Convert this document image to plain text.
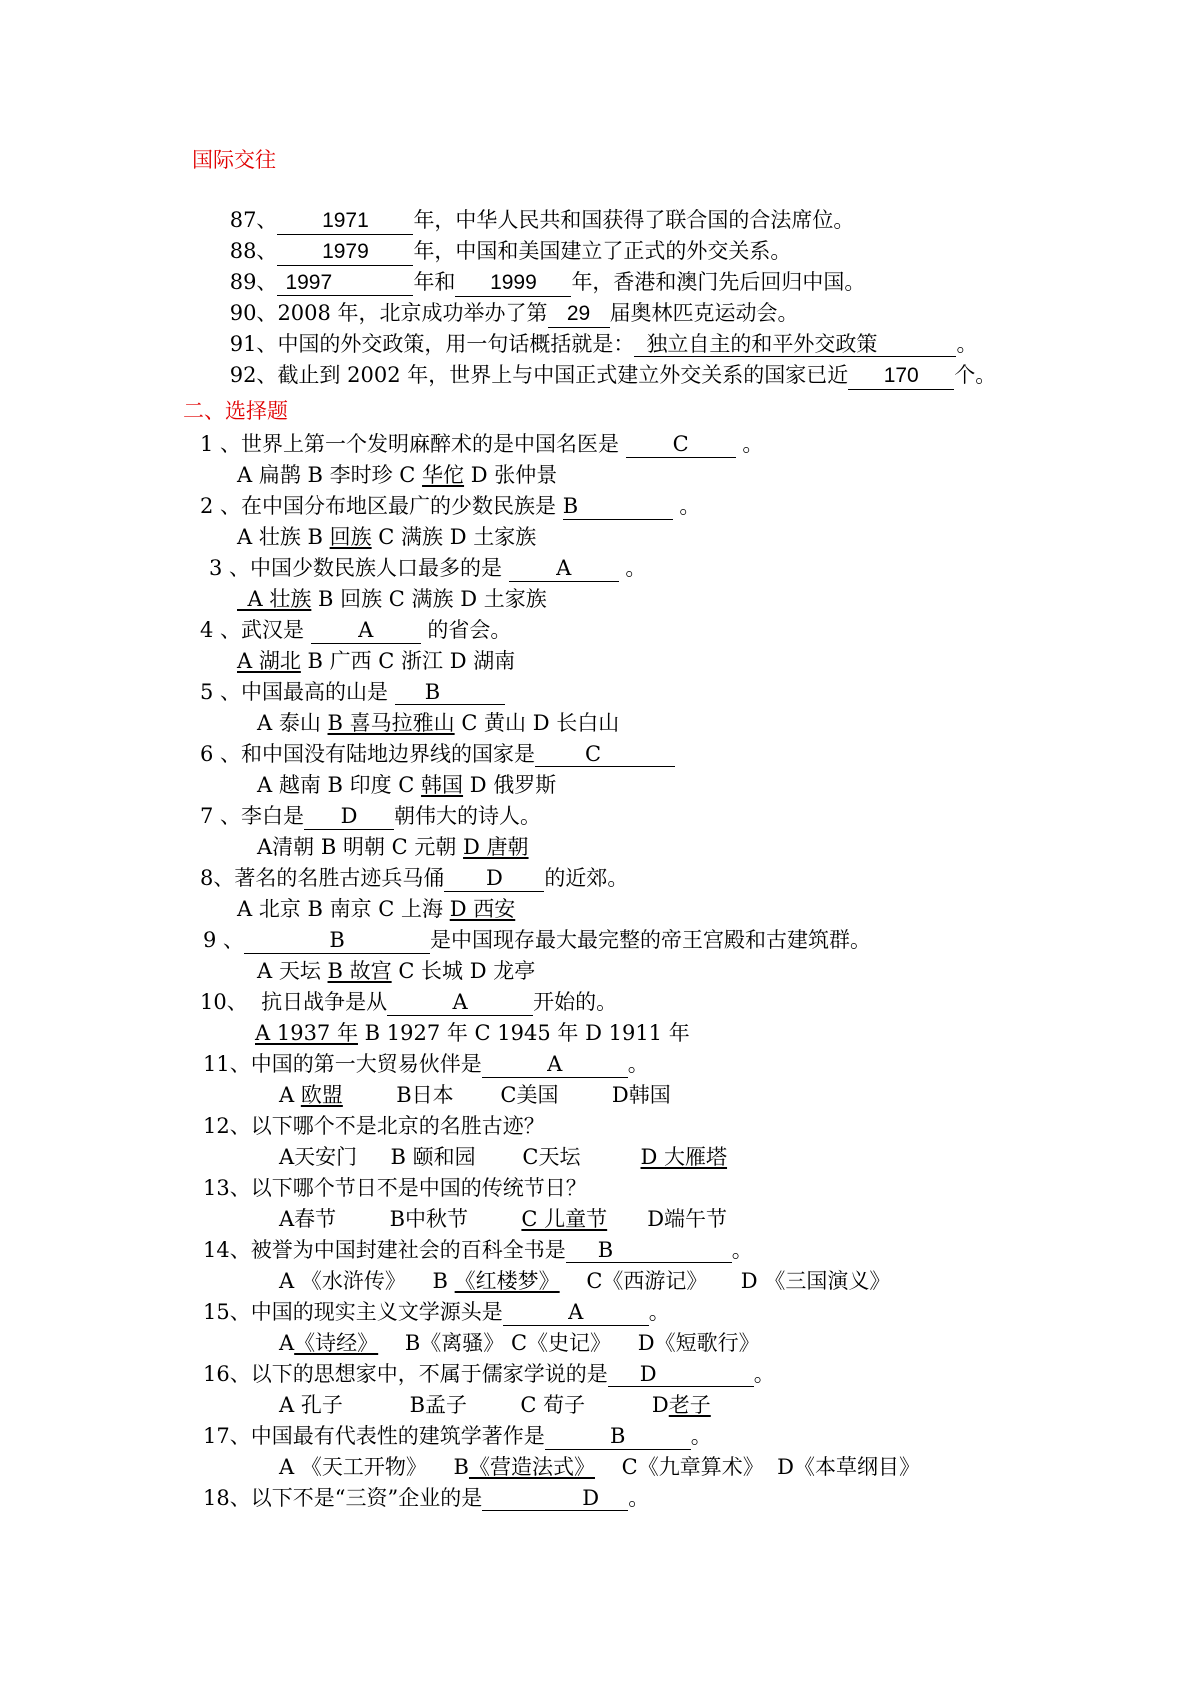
国际交往

87、 1971 年，中华人民共和国获得了联合国的合法席位。

88、 1979 年，中国和美国建立了正式的外交关系。

89、 1997	年和 1999 年，香港和澳门先后回归中国。

90、2008 年，北京成功举办了第 29 届奥林匹克运动会。

91、中国的外交政策，用一句话概括就是： 独立自主的和平外交政策	。

92、截止到 2002 年，世界上与中国正式建立外交关系的国家已近 170 个。

二、选择题
1 、世界上第一个发明麻醉术的是中国名医是 C 。
A 扁鹊 B 李时珍 C 华佗 D 张仲景
2 、在中国分布地区最广的少数民族是 B	。
A 壮族 B 回族 C 满族 D 土家族
3 、中国少数民族人口最多的是 A 。
_A 壮族 B 回族 C 满族 D 土家族
4 、武汉是 A 的省会。
A 湖北 B 广西 C 浙江 D 湖南
5 、中国最高的山是 B
A 泰山 B 喜马拉雅山 C 黄山 D 长白山
6 、和中国没有陆地边界线的国家是 C
A 越南 B 印度 C 韩国 D 俄罗斯
7 、李白是 D 朝伟大的诗人。
A清朝 B 明朝 C 元朝 D 唐朝
8、著名的名胜古迹兵马俑 D 的近郊。
A 北京 B 南京 C 上海 D 西安
9 、	B	是中国现存最大最完整的帝王宫殿和古建筑群。
A 天坛 B 故宫 C 长城 D 龙亭
10、  抗日战争是从	A	开始的。
A 1937 年 B 1927 年 C 1945 年 D 1911 年
11、中国的第一大贸易伙伴是	A	。
A 欧盟        B日本       C美国        D韩国
12、以下哪个不是北京的名胜古迹？
A天安门     B 颐和园       C天坛         D 大雁塔
13、以下哪个节日不是中国的传统节日？
A春节        B中秋节        C 儿童节      D端午节
14、被誉为中国封建社会的百科全书是 B	。
A 《水浒传》    B 《红楼梦》    C《西游记》     D 《三国演义》
15、中国的现实主义文学源头是	A	。
A《诗经》    B《离骚》 C《史记》    D《短歌行》
16、以下的思想家中，不属于儒家学说的是 D	。
A 孔子          B孟子        C 荀子          D老子
17、中国最有代表性的建筑学著作是	B	。
A 《天工开物》    B《营造法式》    C《九章算术》  D《本草纲目》
18、以下不是“三资”企业的是	D 。
